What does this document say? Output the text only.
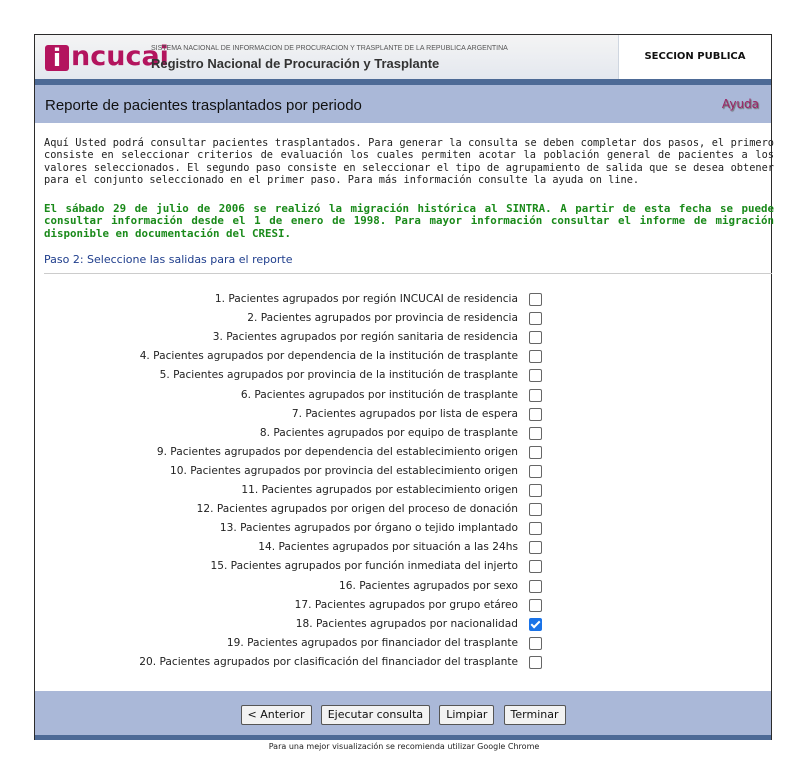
i ncucai
SISTEMA NACIONAL DE INFORMACION DE PROCURACION Y TRASPLANTE DE LA REPUBLICA ARGENTINA
Registro Nacional de Procuración y Trasplante	SECCION PUBLICA
Reporte de pacientes trasplantados por periodo	Ayuda
Aquí Usted podrá consultar pacientes trasplantados. Para generar la consulta se deben completar dos pasos, el primero consiste en seleccionar criterios de evaluación los cuales permiten acotar la población general de pacientes a los valores seleccionados. El segundo paso consiste en seleccionar el tipo de agrupamiento de salida que se desea obtener para el conjunto seleccionado en el primer paso. Para más información consulte la ayuda on line.
El sábado 29 de julio de 2006 se realizó la migración histórica al SINTRA. A partir de esta fecha se puede consultar información desde el 1 de enero de 1998. Para mayor información consultar el informe de migración disponible en documentación del CRESI.
Paso 2: Seleccione las salidas para el reporte
1. Pacientes agrupados por región INCUCAI de residencia
2. Pacientes agrupados por provincia de residencia
3. Pacientes agrupados por región sanitaria de residencia
4. Pacientes agrupados por dependencia de la institución de trasplante
5. Pacientes agrupados por provincia de la institución de trasplante
6. Pacientes agrupados por institución de trasplante
7. Pacientes agrupados por lista de espera
8. Pacientes agrupados por equipo de trasplante
9. Pacientes agrupados por dependencia del establecimiento origen
10. Pacientes agrupados por provincia del establecimiento origen
11. Pacientes agrupados por establecimiento origen
12. Pacientes agrupados por origen del proceso de donación
13. Pacientes agrupados por órgano o tejido implantado
14. Pacientes agrupados por situación a las 24hs
15. Pacientes agrupados por función inmediata del injerto
16. Pacientes agrupados por sexo
17. Pacientes agrupados por grupo etáreo
18. Pacientes agrupados por nacionalidad
19. Pacientes agrupados por financiador del trasplante
20. Pacientes agrupados por clasificación del financiador del trasplante
< Anterior Ejecutar consulta Limpiar Terminar
Para una mejor visualización se recomienda utilizar Google Chrome
